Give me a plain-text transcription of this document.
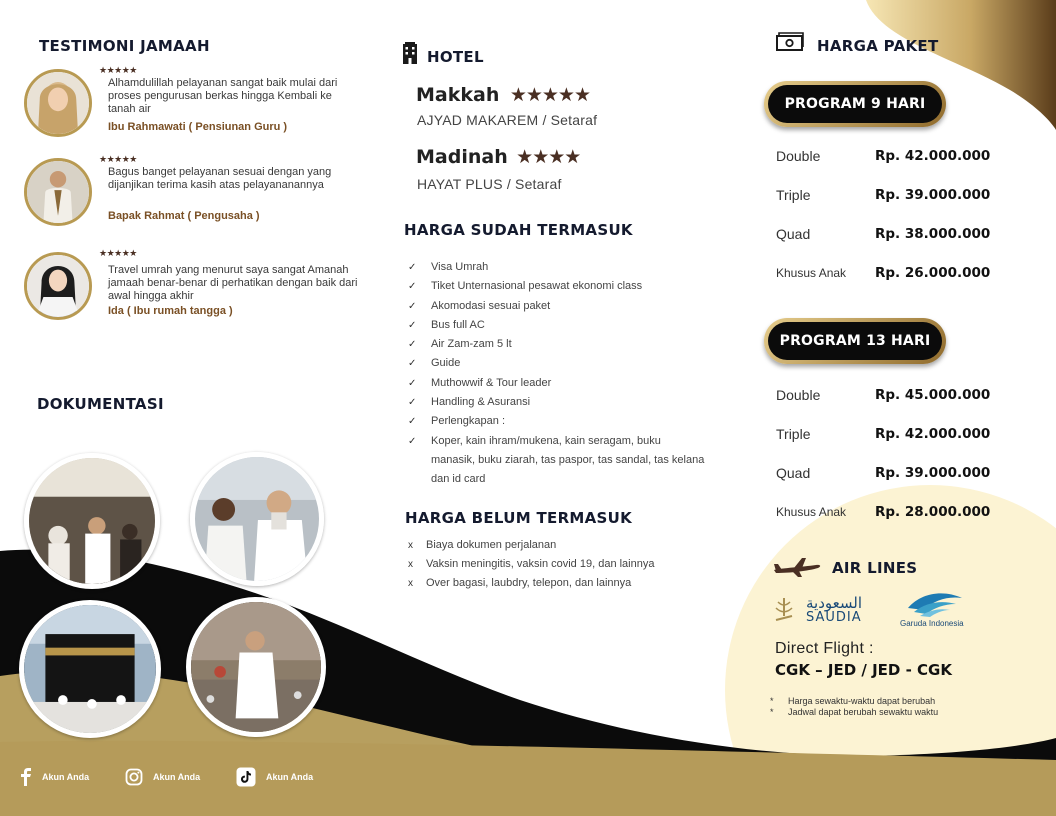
TESTIMONI JAMAAH
★★★★★
Alhamdulillah pelayanan sangat baik mulai dari proses pengurusan berkas hingga Kembali ke tanah air
Ibu Rahmawati ( Pensiunan Guru )
★★★★★
Bagus banget pelayanan sesuai dengan yang dijanjikan terima kasih atas pelayananannya
Bapak Rahmat ( Pengusaha )
★★★★★
Travel umrah yang menurut saya sangat Amanah jamaah benar-benar di perhatikan dengan baik dari awal hingga akhir
Ida ( Ibu rumah tangga )
DOKUMENTASI
Akun Anda	Akun Anda	Akun Anda
HOTEL
Makkah ★★★★★
AJYAD MAKAREM / Setaraf
Madinah ★★★★
HAYAT PLUS / Setaraf
HARGA SUDAH TERMASUK
✓ Visa Umrah
✓ Tiket Unternasional pesawat ekonomi class
✓ Akomodasi sesuai paket
✓ Bus full AC
✓ Air Zam-zam 5 lt
✓ Guide
✓ Muthowwif & Tour leader
✓ Handling & Asuransi
✓ Perlengkapan :
✓ Koper, kain ihram/mukena, kain seragam, buku manasik, buku ziarah, tas paspor, tas sandal, tas kelana dan id card
HARGA BELUM TERMASUK
x Biaya dokumen perjalanan
x Vaksin meningitis, vaksin covid 19, dan lainnya
x Over bagasi, laubdry, telepon, dan lainnya
HARGA PAKET
PROGRAM 9 HARI
Double	Rp. 42.000.000
Triple	Rp. 39.000.000
Quad	Rp. 38.000.000
Khusus Anak Rp. 26.000.000
PROGRAM 13 HARI
Double	Rp. 45.000.000
Triple	Rp. 42.000.000
Quad	Rp. 39.000.000
Khusus Anak Rp. 28.000.000
AIR LINES
السعودية
SAUDIA	Garuda Indonesia
Direct Flight :
CGK – JED / JED - CGK
* Harga sewaktu-waktu dapat berubah
* Jadwal dapat berubah sewaktu waktu
